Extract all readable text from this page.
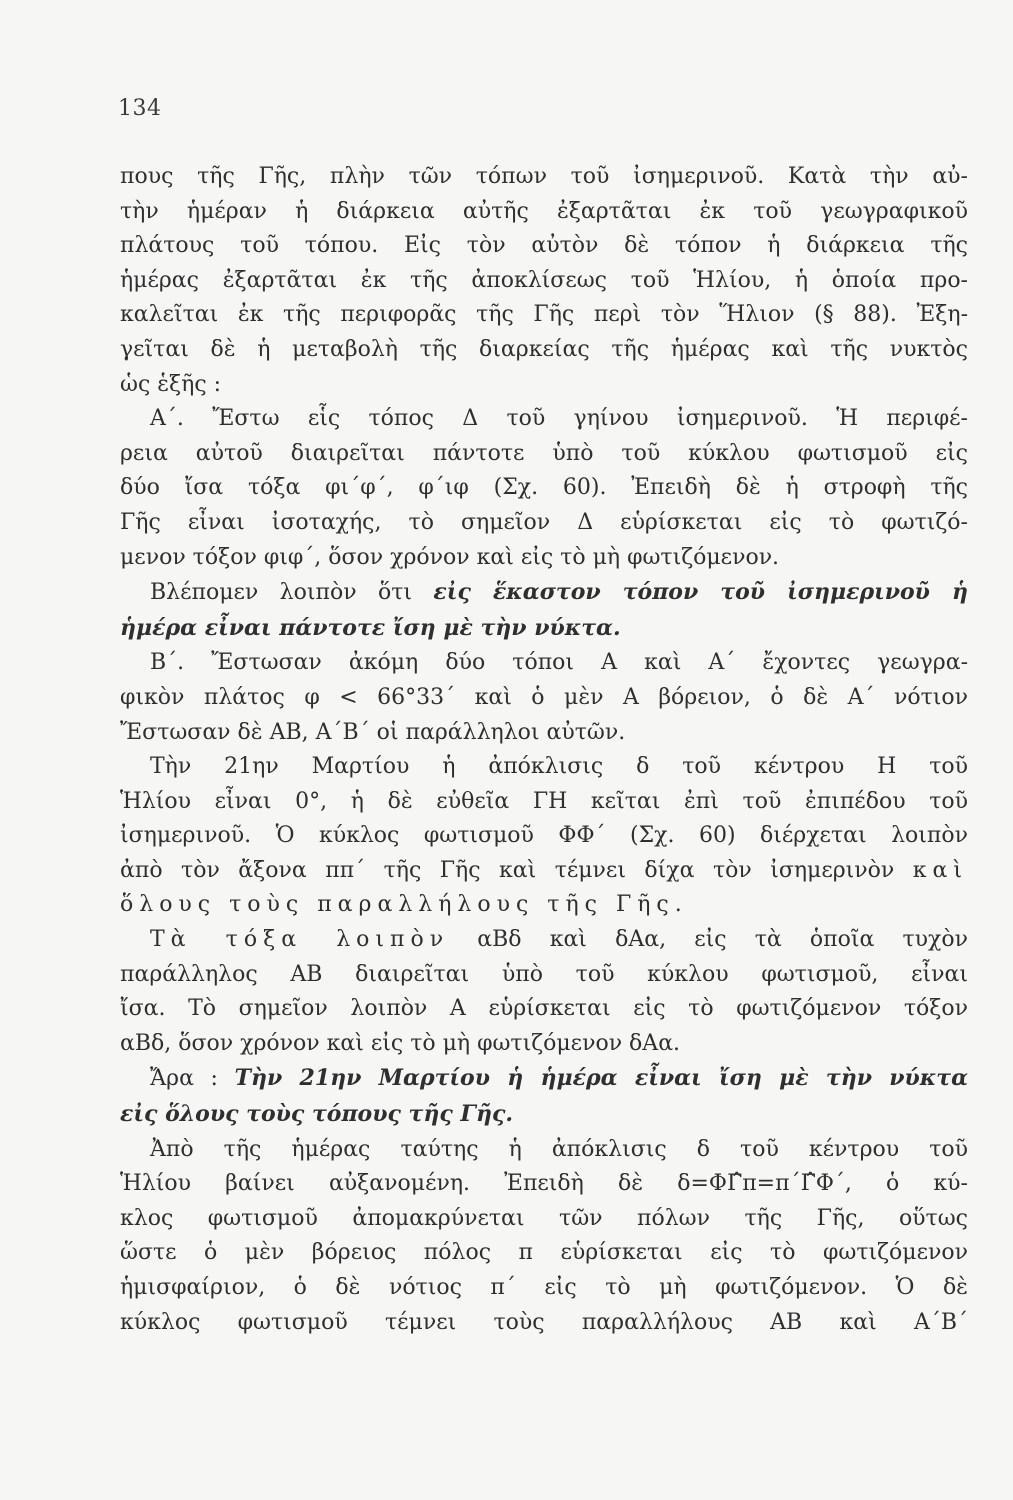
134
πους τῆς Γῆς, πλὴν τῶν τόπων τοῦ ἰσημερινοῦ. Κατὰ τὴν αὐ-
τὴν ἡμέραν ἡ διάρκεια αὐτῆς ἐξαρτᾶται ἐκ τοῦ γεωγραφικοῦ
πλάτους τοῦ τόπου. Εἰς τὸν αὐτὸν δὲ τόπον ἡ διάρκεια τῆς
ἡμέρας ἐξαρτᾶται ἐκ τῆς ἀποκλίσεως τοῦ Ἡλίου, ἡ ὁποία προ-
καλεῖται ἐκ τῆς περιφορᾶς τῆς Γῆς περὶ τὸν Ἥλιον (§ 88). Ἐξη-
γεῖται δὲ ἡ μεταβολὴ τῆς διαρκείας τῆς ἡμέρας καὶ τῆς νυκτὸς
ὡς ἑξῆς :
Α΄. Ἔστω εἷς τόπος Δ τοῦ γηίνου ἰσημερινοῦ. Ἡ περιφέ-
ρεια αὐτοῦ διαιρεῖται πάντοτε ὑπὸ τοῦ κύκλου φωτισμοῦ εἰς
δύο ἴσα τόξα φι΄φ΄, φ΄ιφ (Σχ. 60). Ἐπειδὴ δὲ ἡ στροφὴ τῆς
Γῆς εἶναι ἰσοταχής, τὸ σημεῖον Δ εὑρίσκεται εἰς τὸ φωτιζό-
μενον τόξον φιφ΄, ὅσον χρόνον καὶ εἰς τὸ μὴ φωτιζόμενον.
Βλέπομεν λοιπὸν ὅτι εἰς ἕκαστον τόπον τοῦ ἰσημερινοῦ ἡ
ἡμέρα εἶναι πάντοτε ἴση μὲ τὴν νύκτα.
Β΄. Ἔστωσαν ἀκόμη δύο τόποι Α καὶ Α΄ ἔχοντες γεωγρα-
φικὸν πλάτος φ < 66°33΄ καὶ ὁ μὲν Α βόρειον, ὁ δὲ Α΄ νότιον
Ἔστωσαν δὲ ΑΒ, Α΄Β΄ οἱ παράλληλοι αὐτῶν.
Τὴν 21ην Μαρτίου ἡ ἀπόκλισις δ τοῦ κέντρου Η τοῦ
Ἡλίου εἶναι 0°, ἡ δὲ εὐθεῖα ΓΗ κεῖται ἐπὶ τοῦ ἐπιπέδου τοῦ
ἰσημερινοῦ. Ὁ κύκλος φωτισμοῦ ΦΦ΄ (Σχ. 60) διέρχεται λοιπὸν
ἀπὸ τὸν ἄξονα ππ΄ τῆς Γῆς καὶ τέμνει δίχα τὸν ἰσημερινὸν καὶ
ὅλους τοὺς παραλλήλους τῆς Γῆς.
Τὰ τόξα λοιπὸν αΒδ καὶ δΑα, εἰς τὰ ὁποῖα τυχὸν
παράλληλος ΑΒ διαιρεῖται ὑπὸ τοῦ κύκλου φωτισμοῦ, εἶναι
ἴσα. Τὸ σημεῖον λοιπὸν Α εὑρίσκεται εἰς τὸ φωτιζόμενον τόξον
αΒδ, ὅσον χρόνον καὶ εἰς τὸ μὴ φωτιζόμενον δΑα.
Ἄρα : Τὴν 21ην Μαρτίου ἡ ἡμέρα εἶναι ἴση μὲ τὴν νύκτα
εἰς ὅλους τοὺς τόπους τῆς Γῆς.
Ἀπὸ τῆς ἡμέρας ταύτης ἡ ἀπόκλισις δ τοῦ κέντρου τοῦ
Ἡλίου βαίνει αὐξανομένη. Ἐπειδὴ δὲ δ=ΦΓ̂π=π΄Γ̂Φ΄, ὁ κύ-
κλος φωτισμοῦ ἀπομακρύνεται τῶν πόλων τῆς Γῆς, οὕτως
ὥστε ὁ μὲν βόρειος πόλος π εὑρίσκεται εἰς τὸ φωτιζόμενον
ἡμισφαίριον, ὁ δὲ νότιος π΄ εἰς τὸ μὴ φωτιζόμενον. Ὁ δὲ
κύκλος φωτισμοῦ τέμνει τοὺς παραλλήλους ΑΒ καὶ Α΄Β΄
